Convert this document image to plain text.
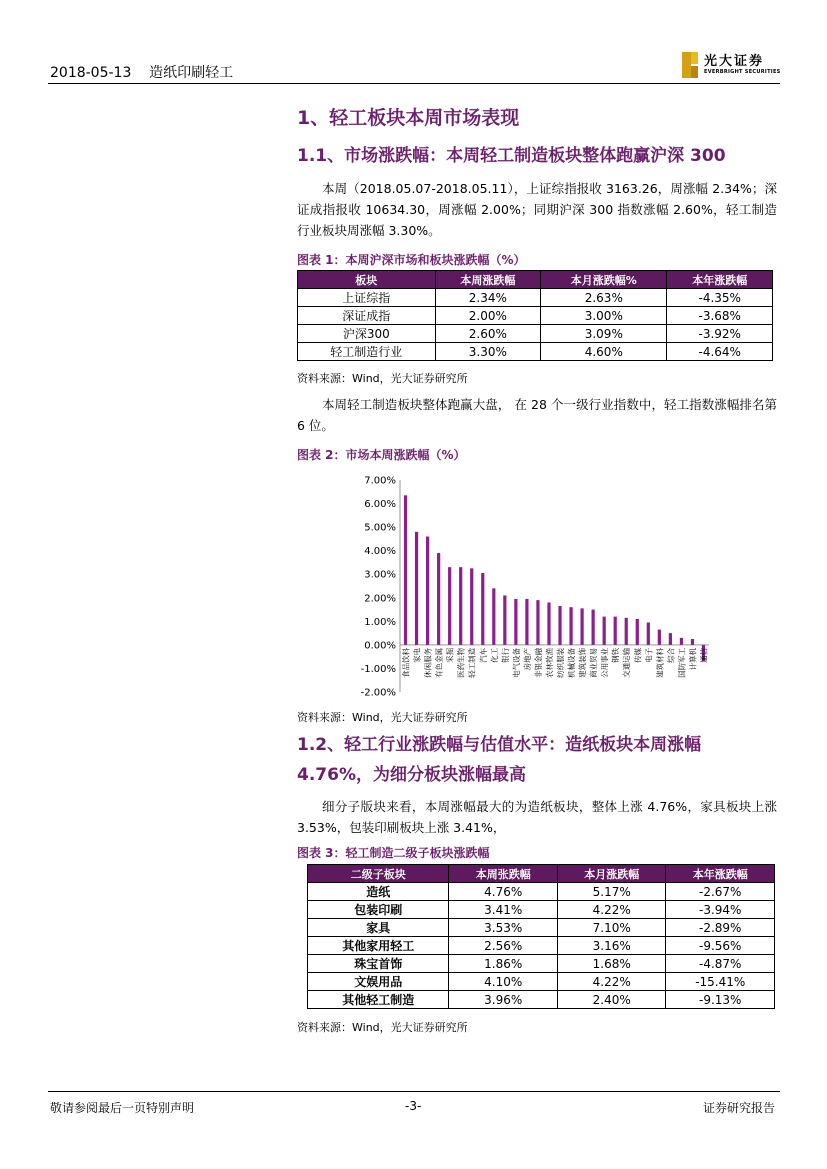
2018-05-13    造纸印刷轻工
光大证券
EVERBRIGHT SECURITIES
1、轻工板块本周市场表现
1.1、市场涨跌幅：本周轻工制造板块整体跑赢沪深 300

本周（2018.05.07-2018.05.11），上证综指报收 3163.26，周涨幅 2.34%；深证成指报收 10634.30，周涨幅 2.00%；同期沪深 300 指数涨幅 2.60%，轻工制造行业板块周涨幅 3.30%。

图表 1：本周沪深市场和板块涨跌幅（%）
板块	本周涨跌幅	本月涨跌幅%	本年涨跌幅
上证综指	2.34%	2.63%	-4.35%
深证成指	2.00%	3.00%	-3.68%
沪深300	2.60%	3.09%	-3.92%
轻工制造行业	3.30%	4.60%	-4.64%
资料来源：Wind，光大证券研究所

本周轻工制造板块整体跑赢大盘， 在 28 个一级行业指数中，轻工指数涨幅排名第 6 位。

图表 2：市场本周涨跌幅（%）
7.00%
6.00%
5.00%
4.00%
3.00%
2.00%
1.00%
0.00%
-1.00%
-2.00%
食品饮料 家电 休闲服务 有色金属 采掘 医药生物 轻工制造 汽车 化工 银行 电气设备 房地产 非银金融 农林牧渔 纺织服装 机械设备 建筑装饰 商业贸易 公用事业 钢铁 交通运输 传媒 电子 建筑材料 综合 国防军工 计算机 通信
资料来源：Wind，光大证券研究所
1.2、轻工行业涨跌幅与估值水平：造纸板块本周涨幅
4.76%，为细分板块涨幅最高

细分子版块来看，本周涨幅最大的为造纸板块，整体上涨 4.76%，家具板块上涨 3.53%，包装印刷板块上涨 3.41%，

图表 3：轻工制造二级子板块涨跌幅
二级子板块	本周张跌幅	本月涨跌幅	本年涨跌幅
造纸	4.76%	5.17%	-2.67%
包装印刷	3.41%	4.22%	-3.94%
家具	3.53%	7.10%	-2.89%
其他家用轻工	2.56%	3.16%	-9.56%
珠宝首饰	1.86%	1.68%	-4.87%
文娱用品	4.10%	4.22%	-15.41%
其他轻工制造	3.96%	2.40%	-9.13%
资料来源：Wind，光大证券研究所
敬请参阅最后一页特别声明	-3-	证券研究报告
